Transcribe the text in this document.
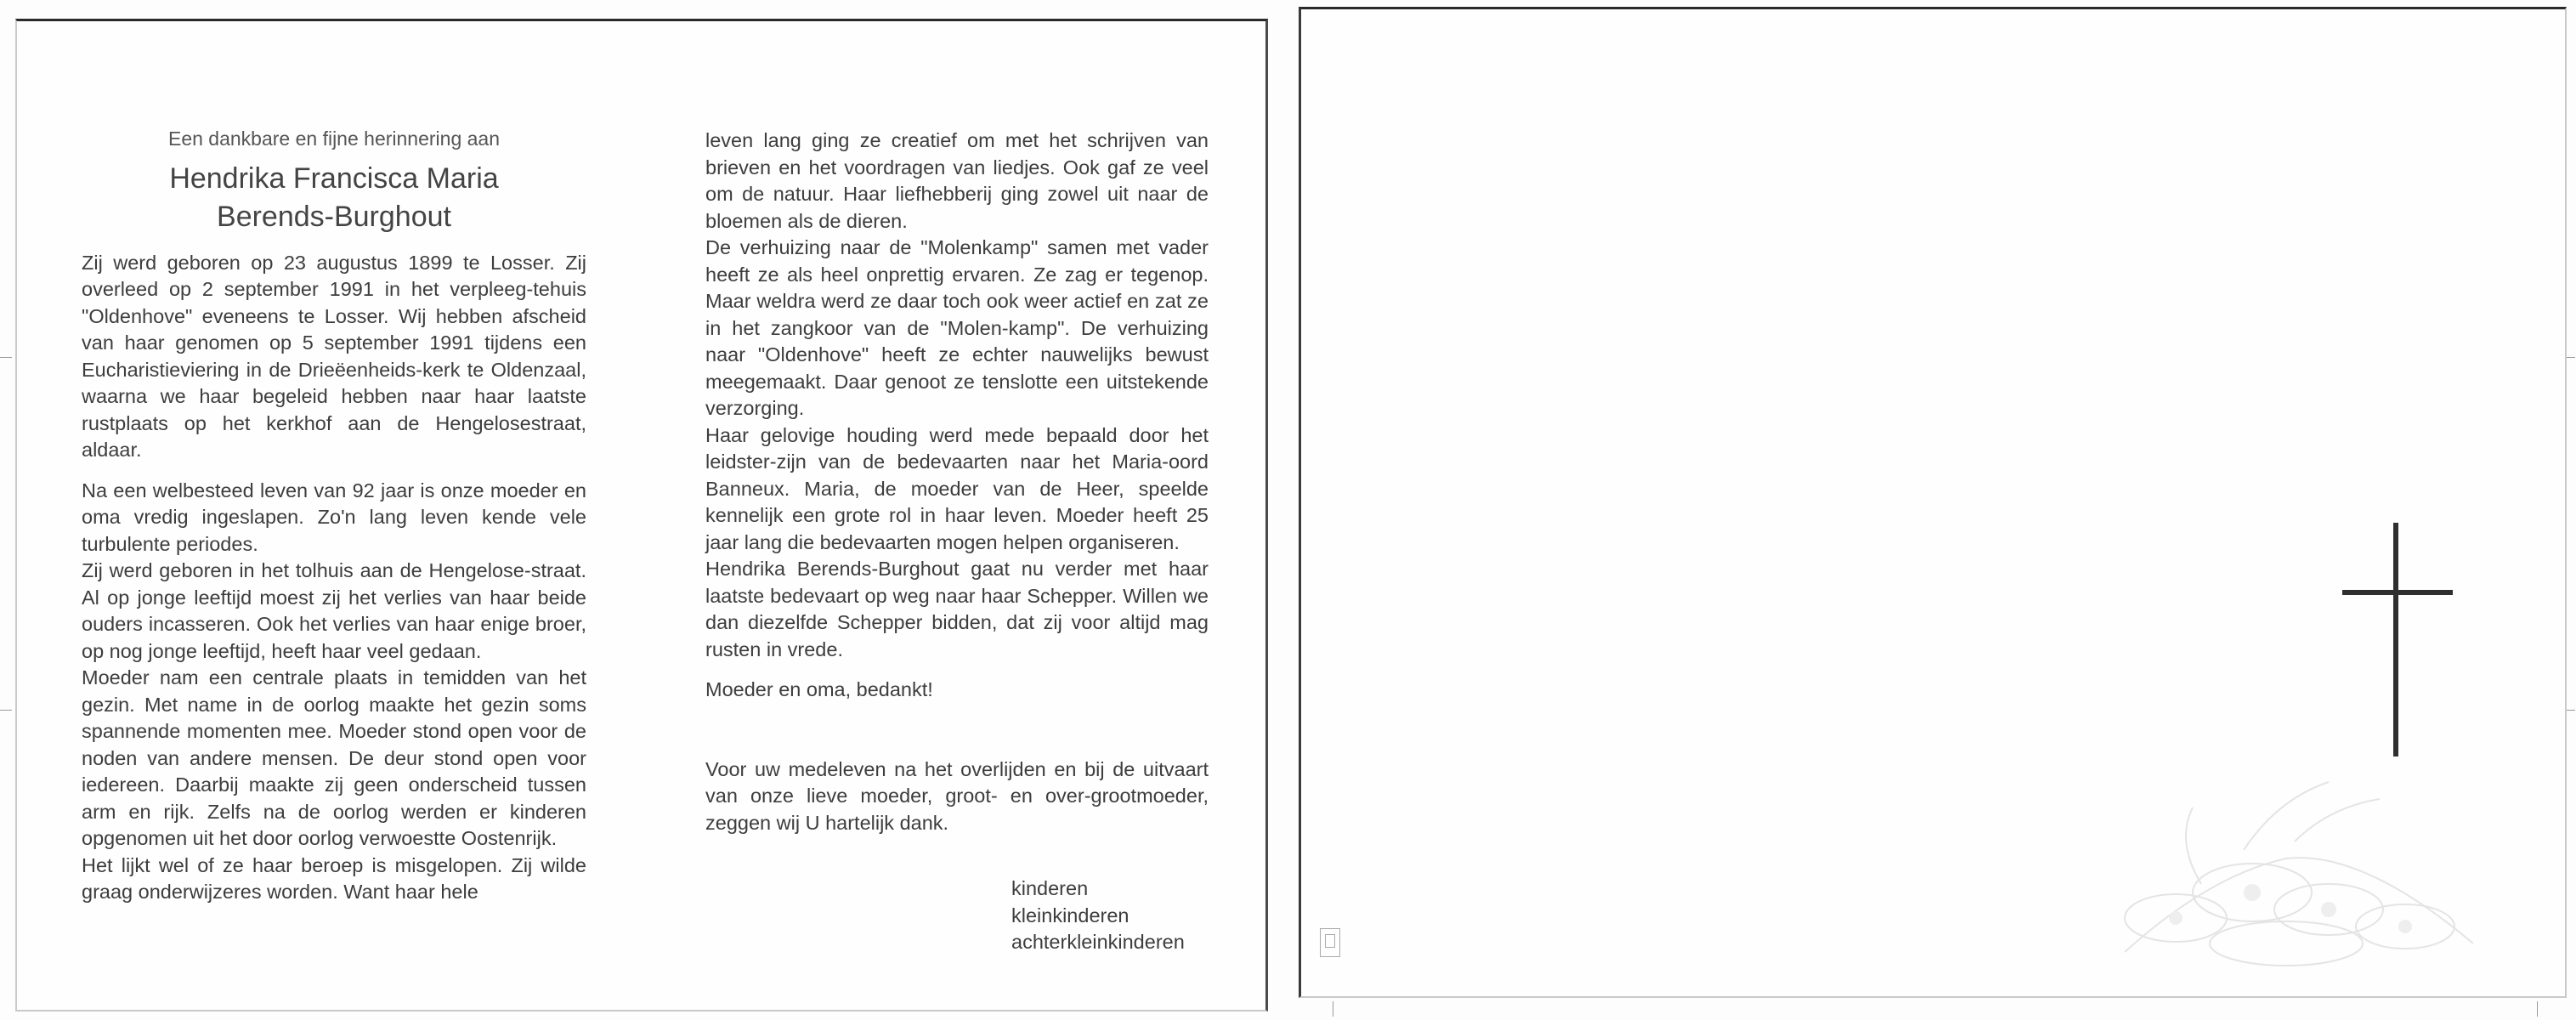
Een dankbare en fijne herinnering aan
Hendrika Francisca Maria
Berends-Burghout

Zij werd geboren op 23 augustus 1899 te Losser. Zij overleed op 2 september 1991 in het verpleeg-tehuis "Oldenhove" eveneens te Losser. Wij hebben afscheid van haar genomen op 5 september 1991 tijdens een Eucharistieviering in de Drieëenheids-kerk te Oldenzaal, waarna we haar begeleid hebben naar haar laatste rustplaats op het kerkhof aan de Hengelosestraat, aldaar.

Na een welbesteed leven van 92 jaar is onze moeder en oma vredig ingeslapen. Zo'n lang leven kende vele turbulente periodes.

Zij werd geboren in het tolhuis aan de Hengelose-straat. Al op jonge leeftijd moest zij het verlies van haar beide ouders incasseren. Ook het verlies van haar enige broer, op nog jonge leeftijd, heeft haar veel gedaan.

Moeder nam een centrale plaats in temidden van het gezin. Met name in de oorlog maakte het gezin soms spannende momenten mee. Moeder stond open voor de noden van andere mensen. De deur stond open voor iedereen. Daarbij maakte zij geen onderscheid tussen arm en rijk. Zelfs na de oorlog werden er kinderen opgenomen uit het door oorlog verwoestte Oostenrijk.

Het lijkt wel of ze haar beroep is misgelopen. Zij wilde graag onderwijzeres worden. Want haar hele

leven lang ging ze creatief om met het schrijven van brieven en het voordragen van liedjes. Ook gaf ze veel om de natuur. Haar liefhebberij ging zowel uit naar de bloemen als de dieren.

De verhuizing naar de "Molenkamp" samen met vader heeft ze als heel onprettig ervaren. Ze zag er tegenop. Maar weldra werd ze daar toch ook weer actief en zat ze in het zangkoor van de "Molen-kamp". De verhuizing naar "Oldenhove" heeft ze echter nauwelijks bewust meegemaakt. Daar genoot ze tenslotte een uitstekende verzorging.

Haar gelovige houding werd mede bepaald door het leidster-zijn van de bedevaarten naar het Maria-oord Banneux. Maria, de moeder van de Heer, speelde kennelijk een grote rol in haar leven. Moeder heeft 25 jaar lang die bedevaarten mogen helpen organiseren.

Hendrika Berends-Burghout gaat nu verder met haar laatste bedevaart op weg naar haar Schepper. Willen we dan diezelfde Schepper bidden, dat zij voor altijd mag rusten in vrede.

Moeder en oma, bedankt!

Voor uw medeleven na het overlijden en bij de uitvaart van onze lieve moeder, groot- en over-grootmoeder, zeggen wij U hartelijk dank.

kinderen
kleinkinderen
achterkleinkinderen
